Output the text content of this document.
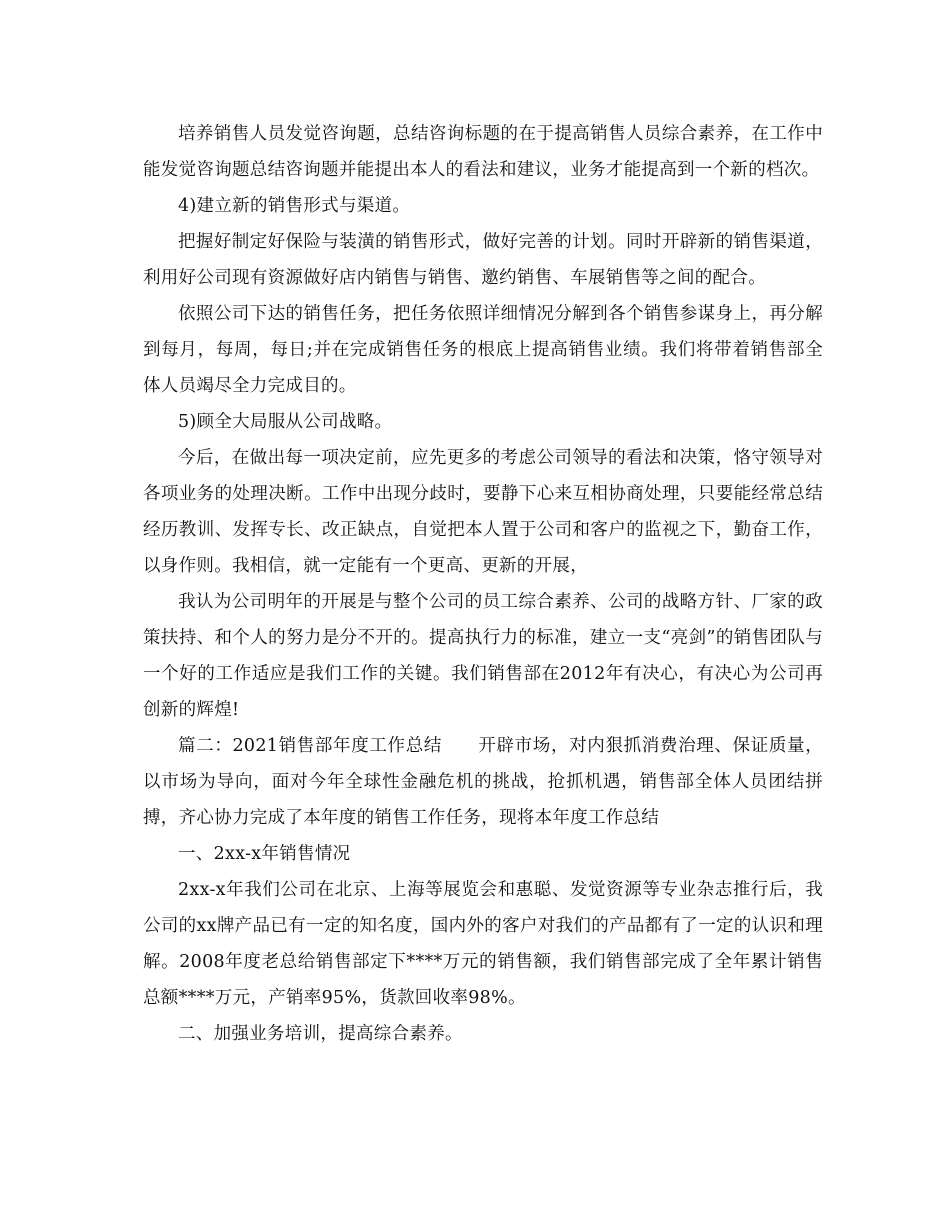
培养销售人员发觉咨询题，总结咨询标题的在于提高销售人员综合素养，在工作中能发觉咨询题总结咨询题并能提出本人的看法和建议，业务才能提高到一个新的档次。

4)建立新的销售形式与渠道。

把握好制定好保险与装潢的销售形式，做好完善的计划。同时开辟新的销售渠道，利用好公司现有资源做好店内销售与销售、邀约销售、车展销售等之间的配合。

依照公司下达的销售任务，把任务依照详细情况分解到各个销售参谋身上，再分解到每月，每周，每日;并在完成销售任务的根底上提高销售业绩。我们将带着销售部全体人员竭尽全力完成目的。

5)顾全大局服从公司战略。

今后，在做出每一项决定前，应先更多的考虑公司领导的看法和决策，恪守领导对各项业务的处理决断。工作中出现分歧时，要静下心来互相协商处理，只要能经常总结经历教训、发挥专长、改正缺点，自觉把本人置于公司和客户的监视之下，勤奋工作，以身作则。我相信，就一定能有一个更高、更新的开展，

我认为公司明年的开展是与整个公司的员工综合素养、公司的战略方针、厂家的政策扶持、和个人的努力是分不开的。提高执行力的标准，建立一支“亮剑”的销售团队与一个好的工作适应是我们工作的关键。我们销售部在2012年有决心，有决心为公司再创新的辉煌!

篇二：2021销售部年度工作总结　　开辟市场，对内狠抓消费治理、保证质量，以市场为导向，面对今年全球性金融危机的挑战，抢抓机遇，销售部全体人员团结拼搏，齐心协力完成了本年度的销售工作任务，现将本年度工作总结

一、2xx-x年销售情况

2xx-x年我们公司在北京、上海等展览会和惠聪、发觉资源等专业杂志推行后，我公司的xx牌产品已有一定的知名度，国内外的客户对我们的产品都有了一定的认识和理解。2008年度老总给销售部定下****万元的销售额，我们销售部完成了全年累计销售总额****万元，产销率95%，货款回收率98%。

二、加强业务培训，提高综合素养。
